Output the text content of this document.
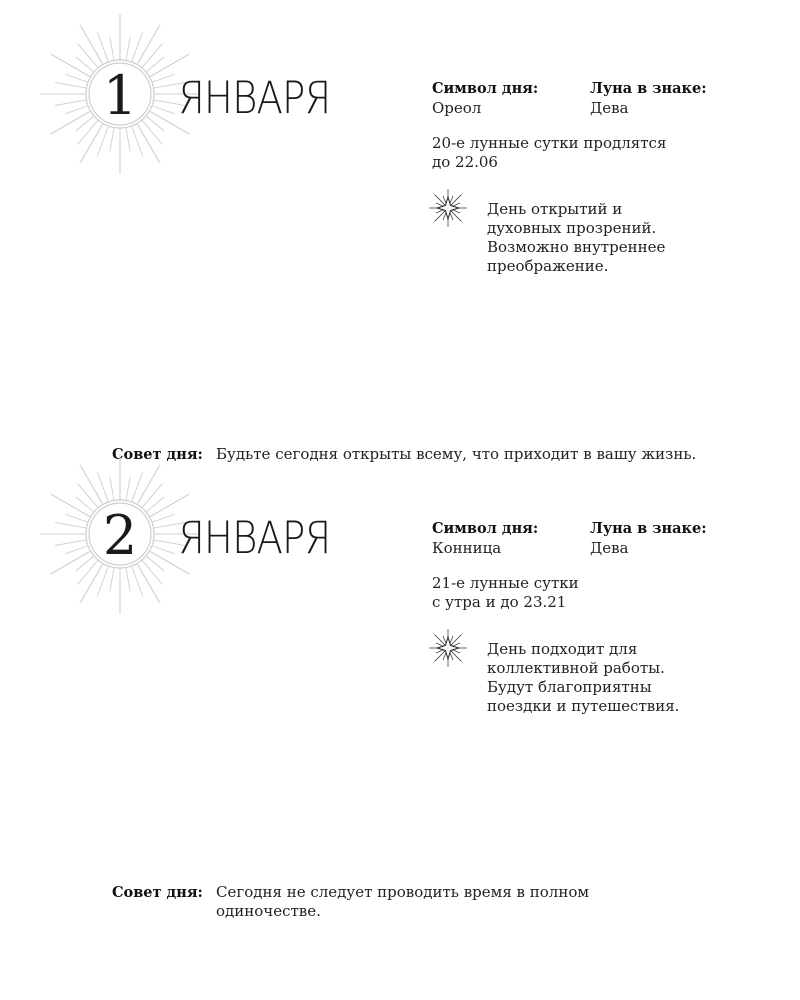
1 ЯНВАРЯ	Символ дня:
Ореол
Луна в знаке:
Дева
20-е лунные сутки продлятся
до 22.06
День открытий и
духовных прозрений.
Возможно внутреннее
преображение.
Совет дня: Будьте сегодня открыты всему, что приходит в вашу жизнь.
2 ЯНВАРЯ	Символ дня:
Конница
Луна в знаке:
Дева
21-е лунные сутки
с утра и до 23.21
День подходит для
коллективной работы.
Будут благоприятны
поездки и путешествия.
Совет дня: Сегодня не следует проводить время в полном
одиночестве.
